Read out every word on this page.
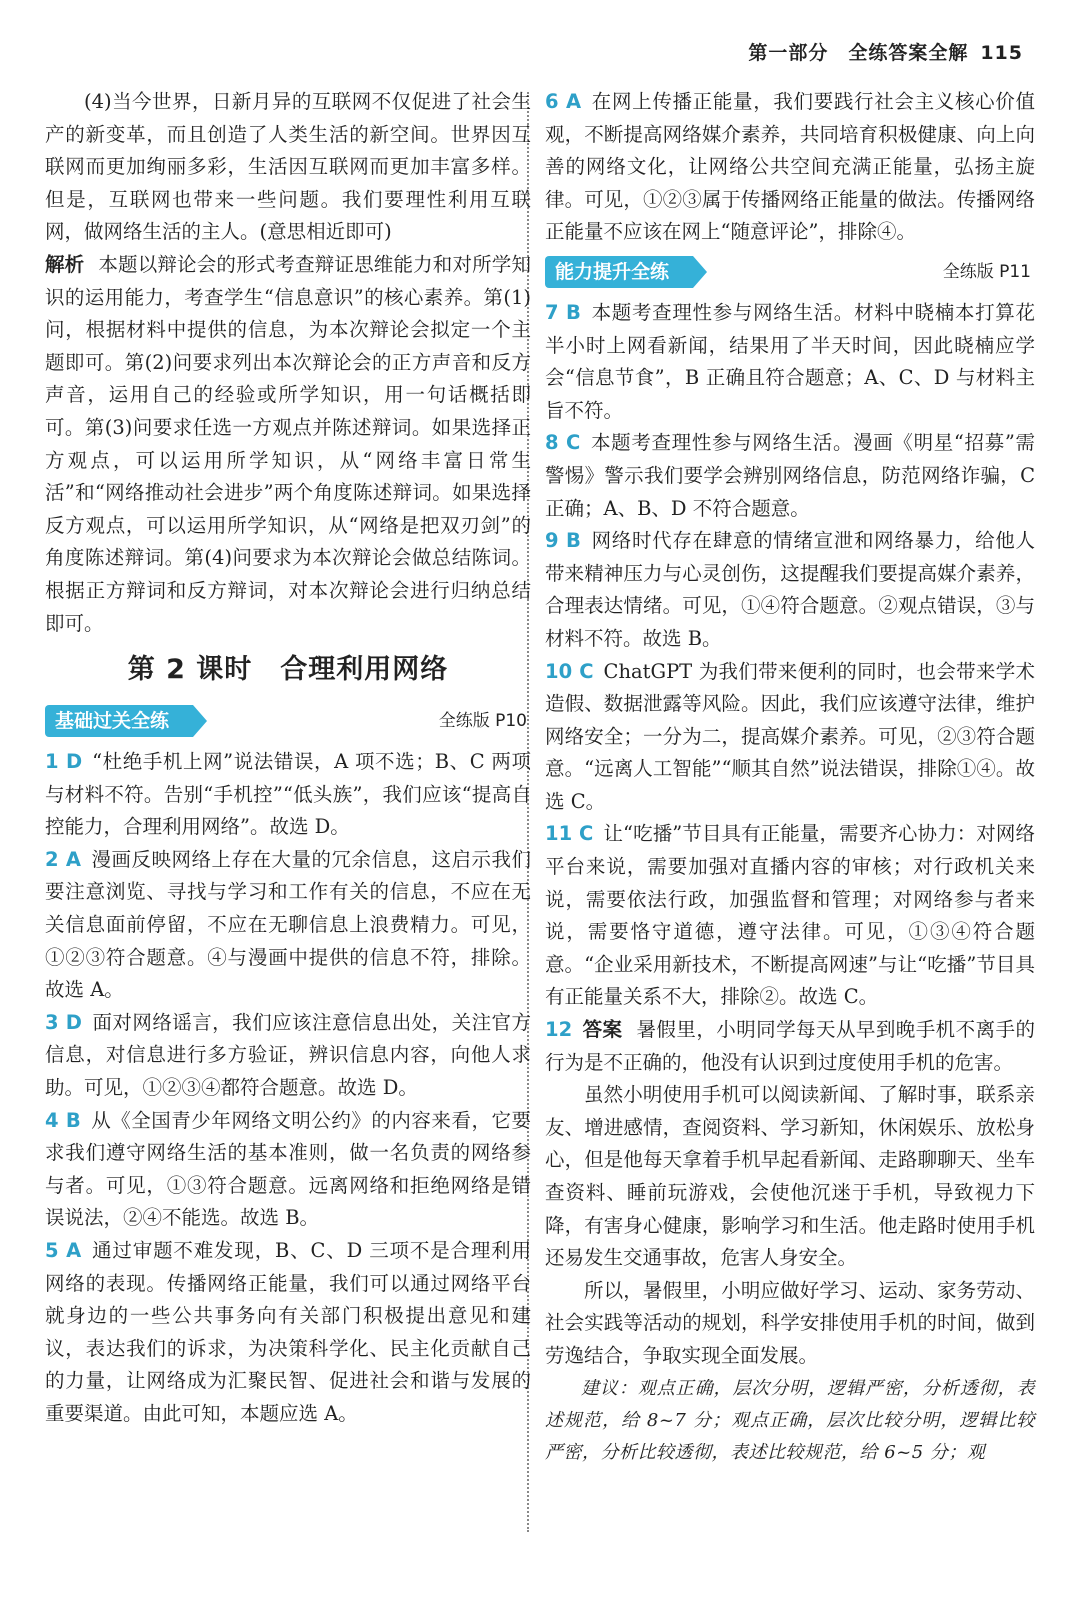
第一部分　全练答案全解 115

(4)当今世界，日新月异的互联网不仅促进了社会生产的新变革，而且创造了人类生活的新空间。世界因互联网而更加绚丽多彩，生活因互联网而更加丰富多样。但是，互联网也带来一些问题。我们要理性利用互联网，做网络生活的主人。(意思相近即可)

解析 本题以辩论会的形式考查辩证思维能力和对所学知识的运用能力，考查学生“信息意识”的核心素养。第(1)问，根据材料中提供的信息，为本次辩论会拟定一个主题即可。第(2)问要求列出本次辩论会的正方声音和反方声音，运用自己的经验或所学知识，用一句话概括即可。第(3)问要求任选一方观点并陈述辩词。如果选择正方观点，可以运用所学知识，从“网络丰富日常生活”和“网络推动社会进步”两个角度陈述辩词。如果选择反方观点，可以运用所学知识，从“网络是把双刃剑”的角度陈述辩词。第(4)问要求为本次辩论会做总结陈词。根据正方辩词和反方辩词，对本次辩论会进行归纳总结即可。

第 2 课时　合理利用网络
基础过关全练	全练版 P10

1 D “杜绝手机上网”说法错误，A 项不选；B、C 两项与材料不符。告别“手机控”“低头族”，我们应该“提高自控能力，合理利用网络”。故选 D。

2 A 漫画反映网络上存在大量的冗余信息，这启示我们要注意浏览、寻找与学习和工作有关的信息，不应在无关信息面前停留，不应在无聊信息上浪费精力。可见，①②③符合题意。④与漫画中提供的信息不符，排除。故选 A。

3 D 面对网络谣言，我们应该注意信息出处，关注官方信息，对信息进行多方验证，辨识信息内容，向他人求助。可见，①②③④都符合题意。故选 D。

4 B 从《全国青少年网络文明公约》的内容来看，它要求我们遵守网络生活的基本准则，做一名负责的网络参与者。可见，①③符合题意。远离网络和拒绝网络是错误说法，②④不能选。故选 B。

5 A 通过审题不难发现，B、C、D 三项不是合理利用网络的表现。传播网络正能量，我们可以通过网络平台就身边的一些公共事务向有关部门积极提出意见和建议，表达我们的诉求，为决策科学化、民主化贡献自己的力量，让网络成为汇聚民智、促进社会和谐与发展的重要渠道。由此可知，本题应选 A。

6 A 在网上传播正能量，我们要践行社会主义核心价值观，不断提高网络媒介素养，共同培育积极健康、向上向善的网络文化，让网络公共空间充满正能量，弘扬主旋律。可见，①②③属于传播网络正能量的做法。传播网络正能量不应该在网上“随意评论”，排除④。

能力提升全练	全练版 P11

7 B 本题考查理性参与网络生活。材料中晓楠本打算花半小时上网看新闻，结果用了半天时间，因此晓楠应学会“信息节食”，B 正确且符合题意；A、C、D 与材料主旨不符。

8 C 本题考查理性参与网络生活。漫画《明星“招募”需警惕》警示我们要学会辨别网络信息，防范网络诈骗，C 正确；A、B、D 不符合题意。

9 B 网络时代存在肆意的情绪宣泄和网络暴力，给他人带来精神压力与心灵创伤，这提醒我们要提高媒介素养，合理表达情绪。可见，①④符合题意。②观点错误，③与材料不符。故选 B。

10 C ChatGPT 为我们带来便利的同时，也会带来学术造假、数据泄露等风险。因此，我们应该遵守法律，维护网络安全；一分为二，提高媒介素养。可见，②③符合题意。“远离人工智能”“顺其自然”说法错误，排除①④。故选 C。

11 C 让“吃播”节目具有正能量，需要齐心协力：对网络平台来说，需要加强对直播内容的审核；对行政机关来说，需要依法行政，加强监督和管理；对网络参与者来说，需要恪守道德，遵守法律。可见，①③④符合题意。“企业采用新技术，不断提高网速”与让“吃播”节目具有正能量关系不大，排除②。故选 C。

12 答案 暑假里，小明同学每天从早到晚手机不离手的行为是不正确的，他没有认识到过度使用手机的危害。

虽然小明使用手机可以阅读新闻、了解时事，联系亲友、增进感情，查阅资料、学习新知，休闲娱乐、放松身心，但是他每天拿着手机早起看新闻、走路聊聊天、坐车查资料、睡前玩游戏，会使他沉迷于手机，导致视力下降，有害身心健康，影响学习和生活。他走路时使用手机还易发生交通事故，危害人身安全。

所以，暑假里，小明应做好学习、运动、家务劳动、社会实践等活动的规划，科学安排使用手机的时间，做到劳逸结合，争取实现全面发展。

建议：观点正确，层次分明，逻辑严密，分析透彻，表述规范，给 8~7 分；观点正确，层次比较分明，逻辑比较严密，分析比较透彻，表述比较规范，给 6~5 分；观
